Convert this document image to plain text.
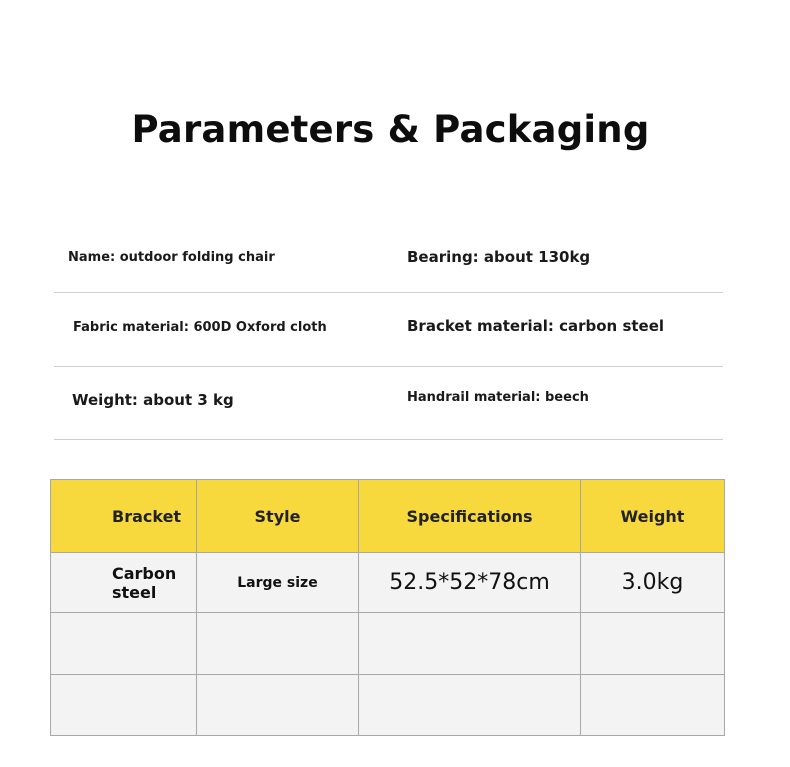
Parameters & Packaging
Name: outdoor folding chair	Bearing: about 130kg
Fabric material: 600D Oxford cloth	Bracket material: carbon steel
Weight: about 3 kg	Handrail material: beech
Bracket	Style	Specifications	Weight
Carbon steel	Large size	52.5*52*78cm	3.0kg
